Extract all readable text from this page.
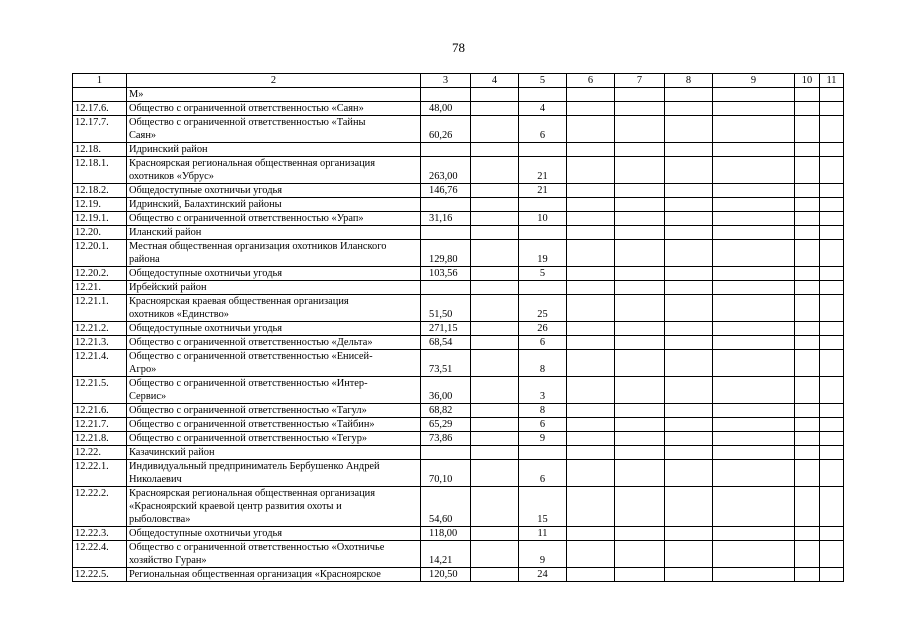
78
1	2	3	4	5	6	7	8	9	10	11

	М»									

12.17.6.	Общество с ограниченной ответственностью «Саян»	48,00		4						
12.17.7.	Общество с ограниченной ответственностью «Тайны
Саян»	60,26		6						
12.18.	Идринский район									

12.18.1.	Красноярская региональная общественная организация
охотников «Убрус»	263,00		21						
12.18.2.	Общедоступные охотничьи угодья	146,76		21						
12.19.	Идринский, Балахтинский районы									

12.19.1.	Общество с ограниченной ответственностью «Урап»	31,16		10						
12.20.	Иланский район									

12.20.1.	Местная общественная организация охотников Иланского
района	129,80		19						
12.20.2.	Общедоступные охотничьи угодья	103,56		5						
12.21.	Ирбейский район									

12.21.1.	Красноярская краевая общественная организация
охотников «Единство»	51,50		25						
12.21.2.	Общедоступные охотничьи угодья	271,15		26						
12.21.3.	Общество с ограниченной ответственностью «Дельта»	68,54		6						
12.21.4.	Общество с ограниченной ответственностью «Енисей-
Агро»	73,51		8						
12.21.5.	Общество с ограниченной ответственностью «Интер-
Сервис»	36,00		3						
12.21.6.	Общество с ограниченной ответственностью «Тагул»	68,82		8						
12.21.7.	Общество с ограниченной ответственностью «Тайбин»	65,29		6						
12.21.8.	Общество с ограниченной ответственностью «Тегур»	73,86		9						
12.22.	Казачинский район									

12.22.1.	Индивидуальный предприниматель Бербушенко Андрей
Николаевич	70,10		6						
12.22.2.	Красноярская региональная общественная организация
«Красноярский краевой центр развития охоты и
рыболовства»	54,60		15						
12.22.3.	Общедоступные охотничьи угодья	118,00		11						
12.22.4.	Общество с ограниченной ответственностью «Охотничье
хозяйство Гуран»	14,21		9						
12.22.5.	Региональная общественная организация «Красноярское	120,50		24						
